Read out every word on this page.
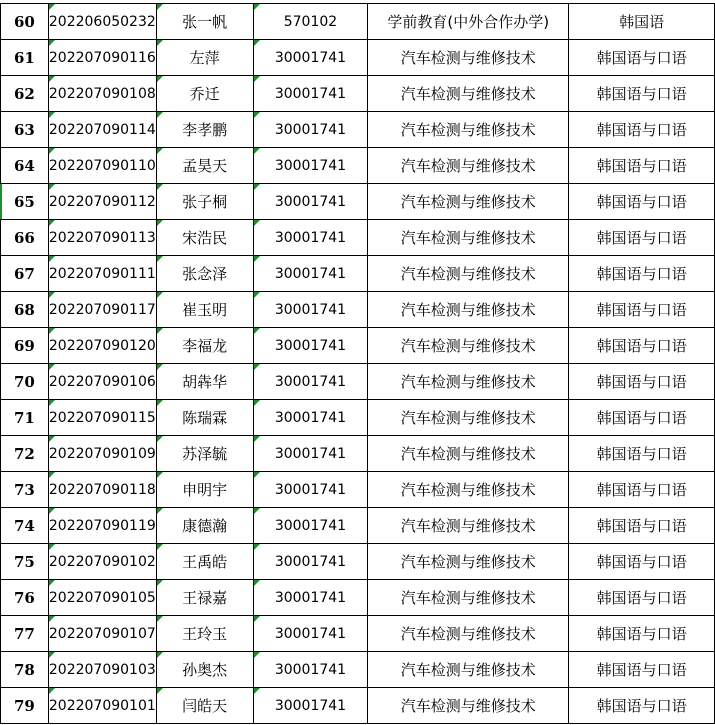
60	202206050232	张一帆	570102	学前教育(中外合作办学)	韩国语
61	202207090116	左萍	30001741	汽车检测与维修技术	韩国语与口语
62	202207090108	乔迁	30001741	汽车检测与维修技术	韩国语与口语
63	202207090114	李孝鹏	30001741	汽车检测与维修技术	韩国语与口语
64	202207090110	孟昊天	30001741	汽车检测与维修技术	韩国语与口语
65	202207090112	张子桐	30001741	汽车检测与维修技术	韩国语与口语
66	202207090113	宋浩民	30001741	汽车检测与维修技术	韩国语与口语
67	202207090111	张念泽	30001741	汽车检测与维修技术	韩国语与口语
68	202207090117	崔玉明	30001741	汽车检测与维修技术	韩国语与口语
69	202207090120	李福龙	30001741	汽车检测与维修技术	韩国语与口语
70	202207090106	胡犇华	30001741	汽车检测与维修技术	韩国语与口语
71	202207090115	陈瑞霖	30001741	汽车检测与维修技术	韩国语与口语
72	202207090109	苏泽毓	30001741	汽车检测与维修技术	韩国语与口语
73	202207090118	申明宇	30001741	汽车检测与维修技术	韩国语与口语
74	202207090119	康德瀚	30001741	汽车检测与维修技术	韩国语与口语
75	202207090102	王禹皓	30001741	汽车检测与维修技术	韩国语与口语
76	202207090105	王禄嘉	30001741	汽车检测与维修技术	韩国语与口语
77	202207090107	王玲玉	30001741	汽车检测与维修技术	韩国语与口语
78	202207090103	孙奥杰	30001741	汽车检测与维修技术	韩国语与口语
79	202207090101	闫皓天	30001741	汽车检测与维修技术	韩国语与口语
